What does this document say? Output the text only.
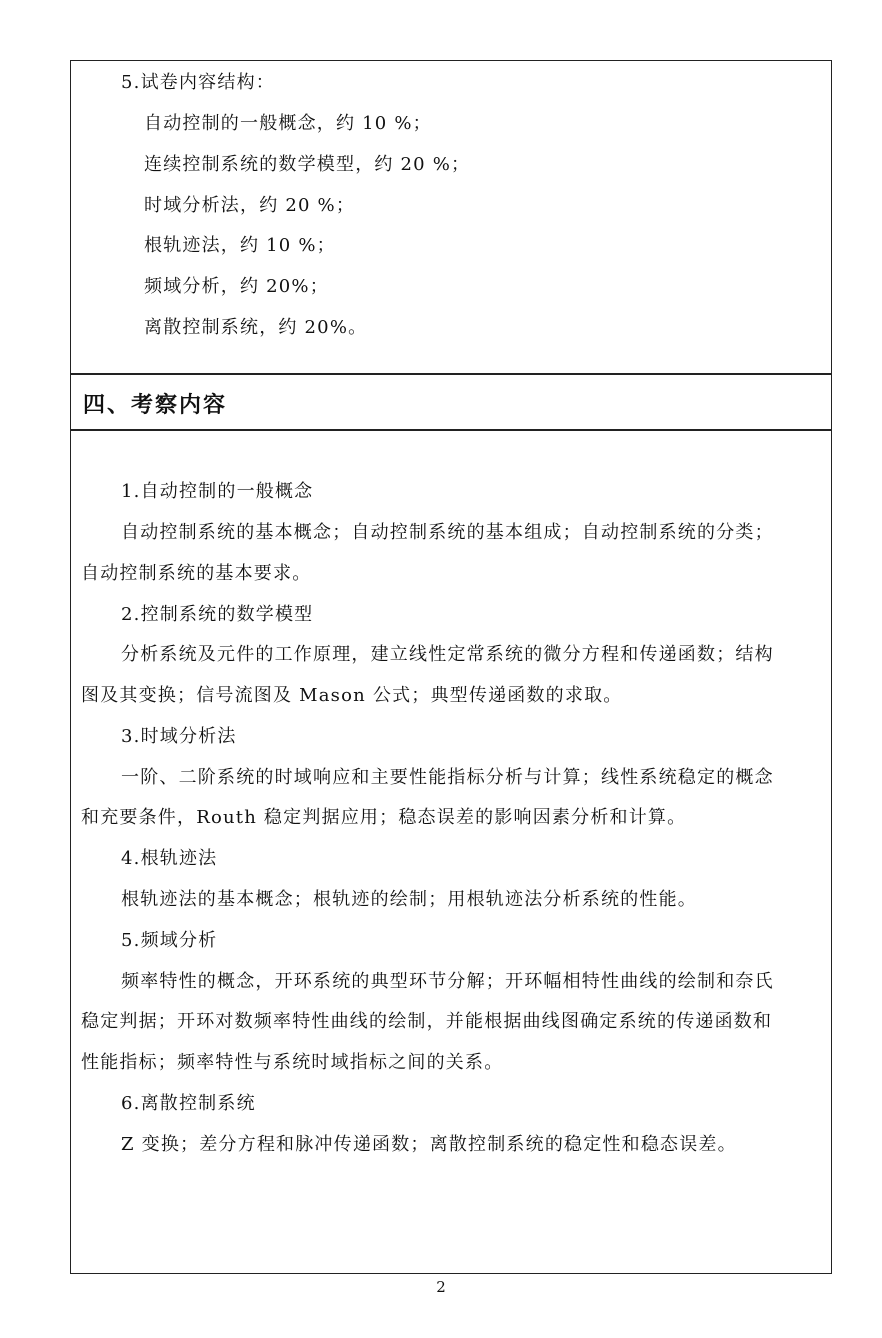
5.试卷内容结构：
自动控制的一般概念，约 10 %；
连续控制系统的数学模型，约 20 %；
时域分析法，约 20 %；
根轨迹法，约 10 %；
频域分析，约 20%；
离散控制系统，约 20%。
四、考察内容
1.自动控制的一般概念
自动控制系统的基本概念；自动控制系统的基本组成；自动控制系统的分类；
自动控制系统的基本要求。
2.控制系统的数学模型
分析系统及元件的工作原理，建立线性定常系统的微分方程和传递函数；结构
图及其变换；信号流图及 Mason 公式；典型传递函数的求取。
3.时域分析法
一阶、二阶系统的时域响应和主要性能指标分析与计算；线性系统稳定的概念
和充要条件，Routh 稳定判据应用；稳态误差的影响因素分析和计算。
4.根轨迹法
根轨迹法的基本概念；根轨迹的绘制；用根轨迹法分析系统的性能。
5.频域分析
频率特性的概念，开环系统的典型环节分解；开环幅相特性曲线的绘制和奈氏
稳定判据；开环对数频率特性曲线的绘制，并能根据曲线图确定系统的传递函数和
性能指标；频率特性与系统时域指标之间的关系。
6.离散控制系统
Z 变换；差分方程和脉冲传递函数；离散控制系统的稳定性和稳态误差。
2
